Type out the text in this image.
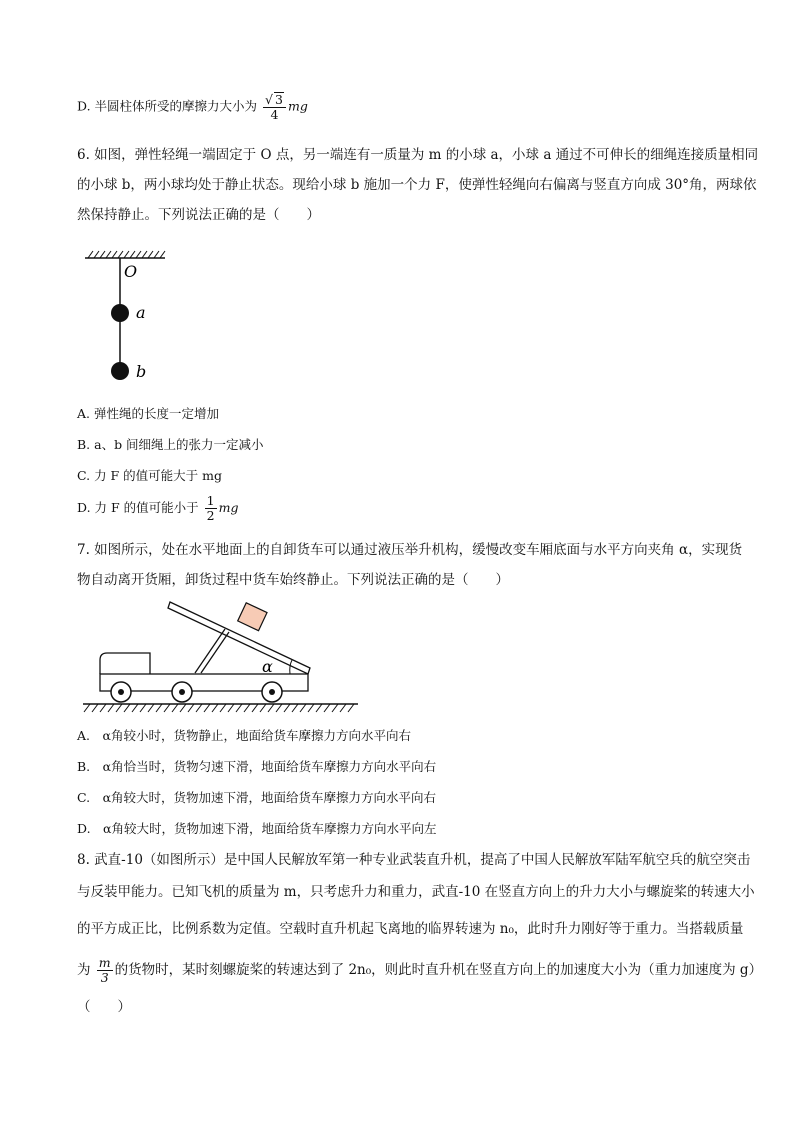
D. 半圆柱体所受的摩擦力大小为 $\frac{√ 3}{4}$ mg
6. 如图，弹性轻绳一端固定于 O 点，另一端连有一质量为 m 的小球 a，小球 a 通过不可伸长的细绳连接质量相同
的小球 b，两小球均处于静止状态。现给小球 b 施加一个力 F，使弹性轻绳向右偏离与竖直方向成 30°角，两球依
然保持静止。下列说法正确的是（　　）
O
a
b
A. 弹性绳的长度一定增加
B. a、b 间细绳上的张力一定减小
C. 力 F 的值可能大于 mg
D. 力 F 的值可能小于 $\frac{1}{2}$ mg
7. 如图所示，处在水平地面上的自卸货车可以通过液压举升机构，缓慢改变车厢底面与水平方向夹角 α，实现货
物自动离开货厢，卸货过程中货车始终静止。下列说法正确的是（　　）
α
A.　α角较小时，货物静止，地面给货车摩擦力方向水平向右
B.　α角恰当时，货物匀速下滑，地面给货车摩擦力方向水平向右
C.　α角较大时，货物加速下滑，地面给货车摩擦力方向水平向右
D.　α角较大时，货物加速下滑，地面给货车摩擦力方向水平向左
8. 武直-10（如图所示）是中国人民解放军第一种专业武装直升机，提高了中国人民解放军陆军航空兵的航空突击
与反装甲能力。已知飞机的质量为 m，只考虑升力和重力，武直-10 在竖直方向上的升力大小与螺旋桨的转速大小
的平方成正比，比例系数为定值。空载时直升机起飞离地的临界转速为 n₀，此时升力刚好等于重力。当搭载质量
为 $\frac{m}{3}$ 的货物时，某时刻螺旋桨的转速达到了 2n₀，则此时直升机在竖直方向上的加速度大小为（重力加速度为 g）
（　　）
